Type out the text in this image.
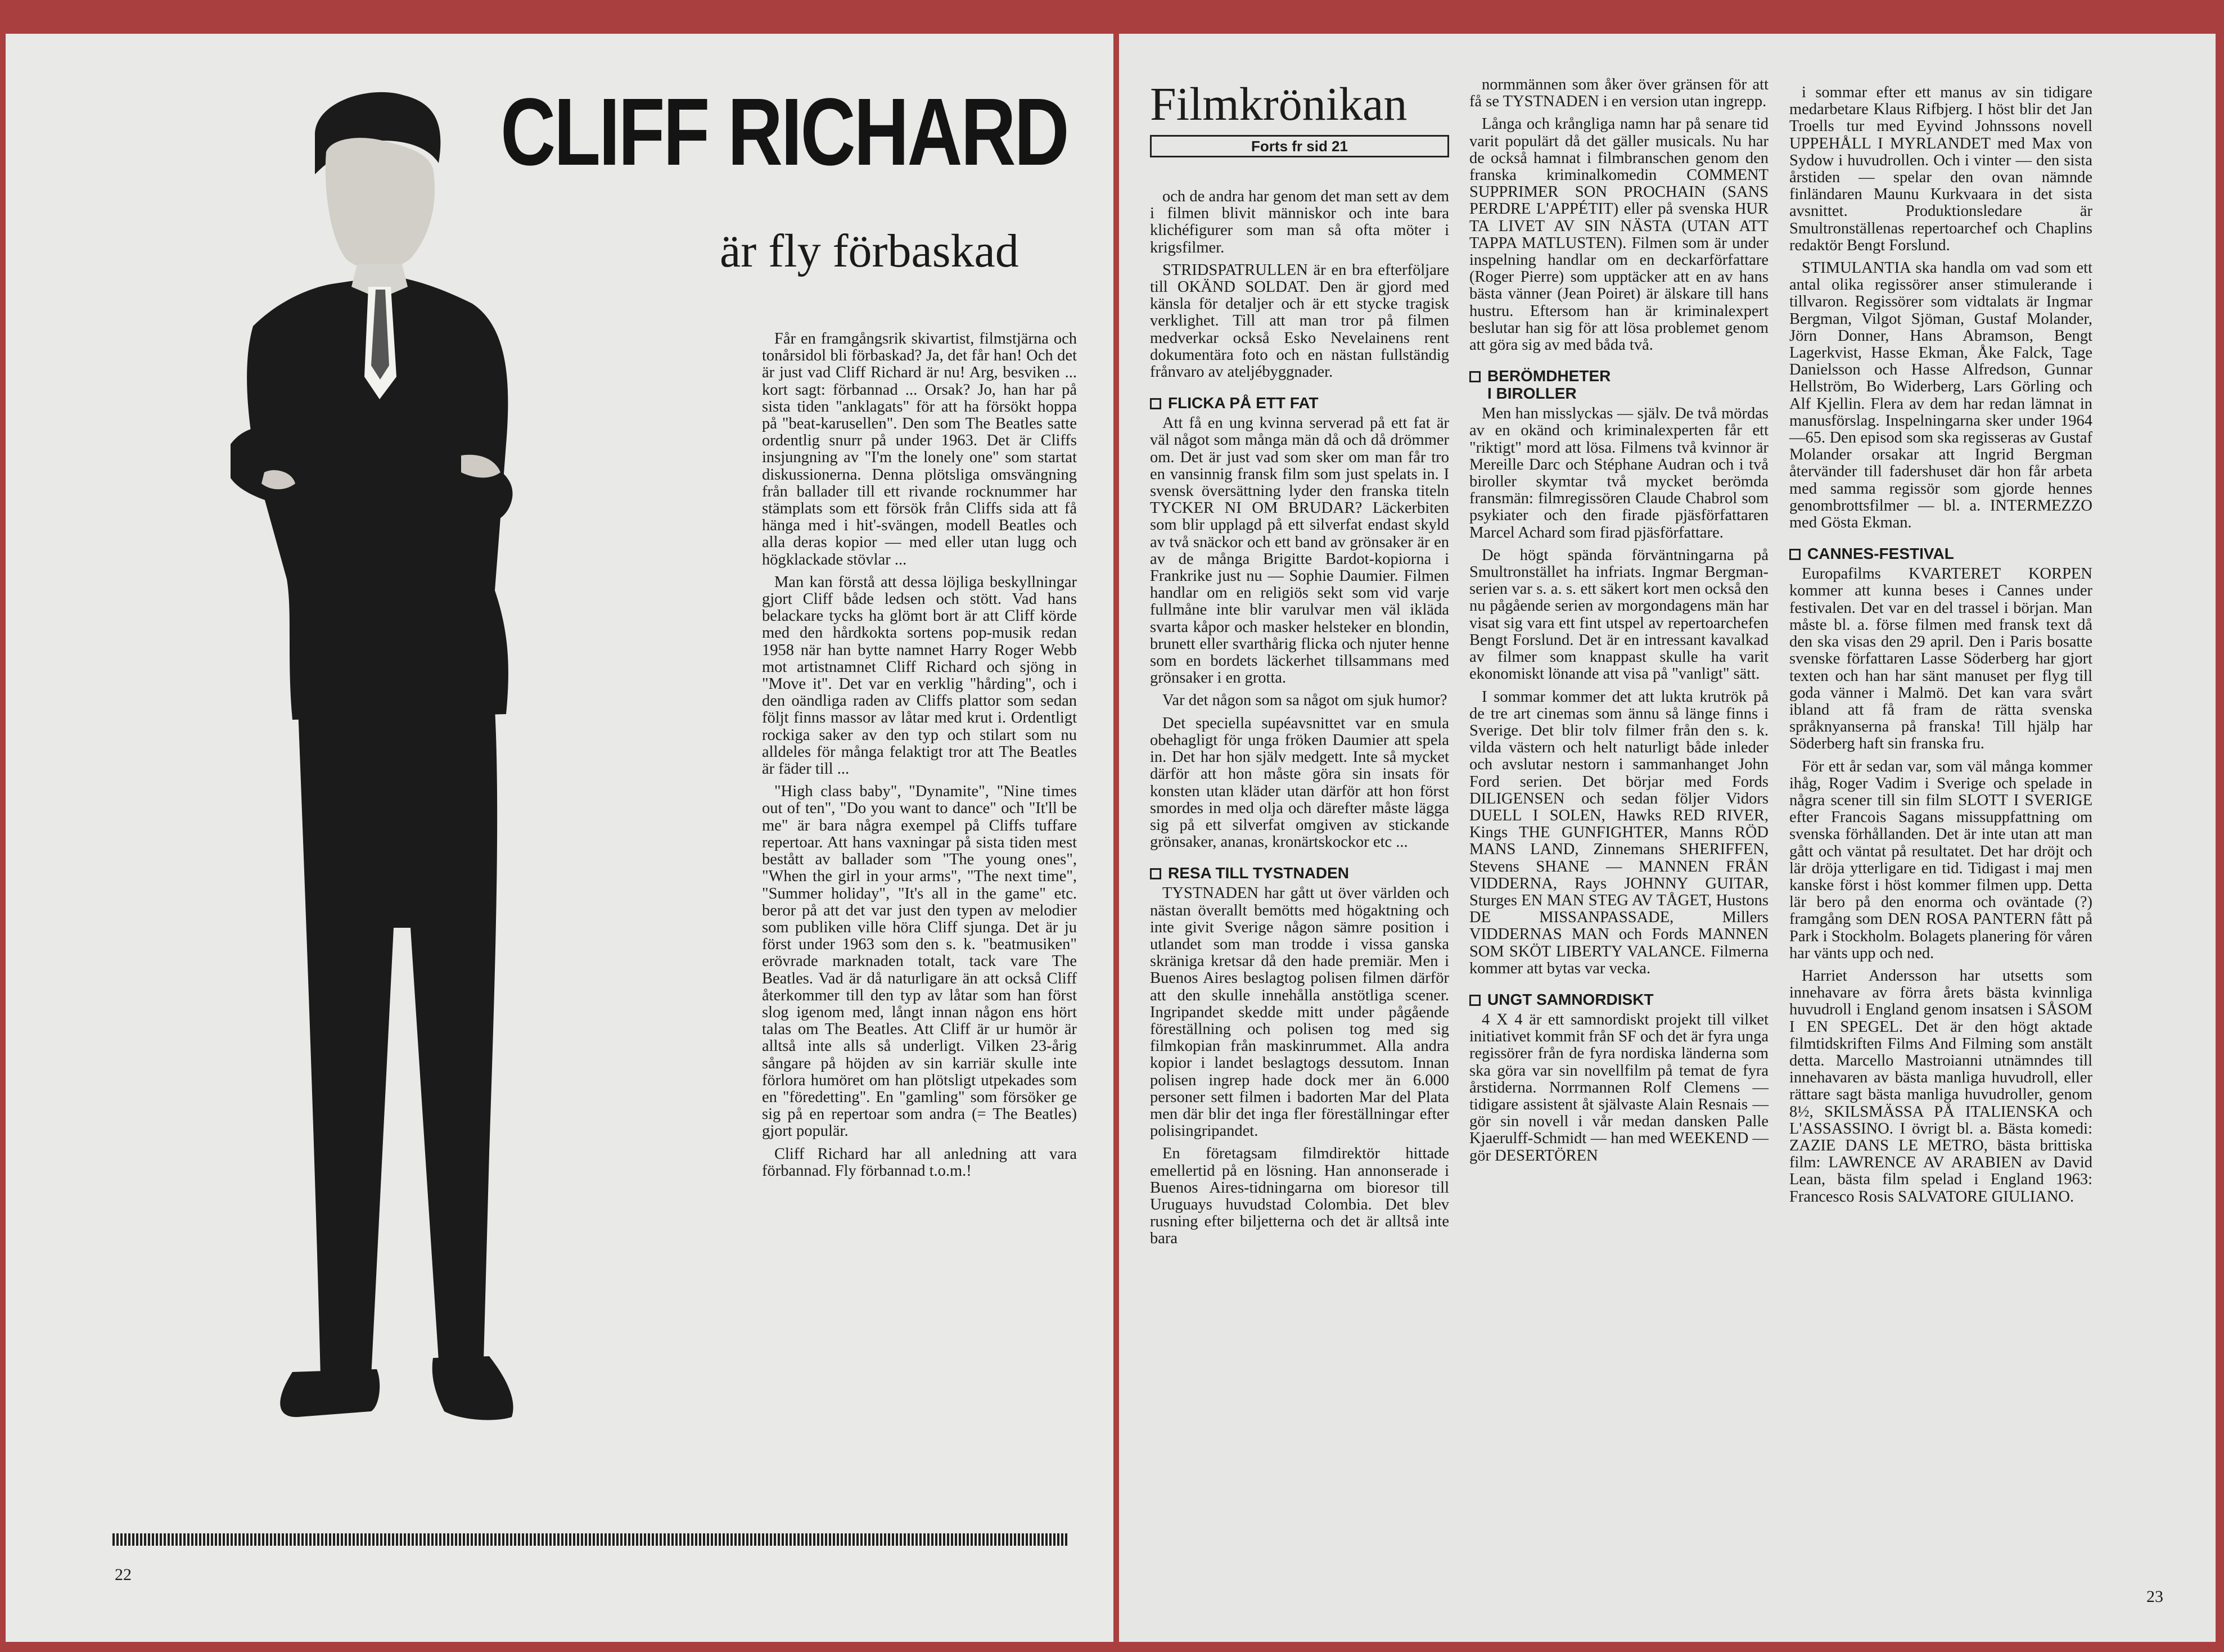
CLIFF RICHARD
är fly förbaskad

Får en framgångsrik skivartist, filmstjärna och tonårsidol bli förbaskad? Ja, det får han! Och det är just vad Cliff Richard är nu! Arg, besviken ... kort sagt: förbannad ... Orsak? Jo, han har på sista tiden "anklagats" för att ha försökt hoppa på "beat-karusellen". Den som The Beatles satte ordentlig snurr på under 1963. Det är Cliffs insjungning av "I'm the lonely one" som startat diskussionerna. Denna plötsliga omsvängning från ballader till ett rivande rocknummer har stämplats som ett försök från Cliffs sida att få hänga med i hit'-svängen, modell Beatles och alla deras kopior — med eller utan lugg och högklackade stövlar ...

Man kan förstå att dessa löjliga beskyllningar gjort Cliff både ledsen och stött. Vad hans belackare tycks ha glömt bort är att Cliff körde med den hårdkokta sortens pop-musik redan 1958 när han bytte namnet Harry Roger Webb mot artistnamnet Cliff Richard och sjöng in "Move it". Det var en verklig "hårding", och i den oändliga raden av Cliffs plattor som sedan följt finns massor av låtar med krut i. Ordentligt rockiga saker av den typ och stilart som nu alldeles för många felaktigt tror att The Beatles är fäder till ...

"High class baby", "Dynamite", "Nine times out of ten", "Do you want to dance" och "It'll be me" är bara några exempel på Cliffs tuffare repertoar. Att hans vaxningar på sista tiden mest bestått av ballader som "The young ones", "When the girl in your arms", "The next time", "Summer holiday", "It's all in the game" etc. beror på att det var just den typen av melodier som publiken ville höra Cliff sjunga. Det är ju först under 1963 som den s. k. "beatmusiken" erövrade marknaden totalt, tack vare The Beatles. Vad är då naturligare än att också Cliff återkommer till den typ av låtar som han först slog igenom med, långt innan någon ens hört talas om The Beatles. Att Cliff är ur humör är alltså inte alls så underligt. Vilken 23-årig sångare på höjden av sin karriär skulle inte förlora humöret om han plötsligt utpekades som en "föredetting". En "gamling" som försöker ge sig på en repertoar som andra (= The Beatles) gjort populär.

Cliff Richard har all anledning att vara förbannad. Fly förbannad t.o.m.!

22
Filmkrönikan
Forts fr sid 21

och de andra har genom det man sett av dem i filmen blivit människor och inte bara klichéfigurer som man så ofta möter i krigsfilmer.

STRIDSPATRULLEN är en bra efterföljare till OKÄND SOLDAT. Den är gjord med känsla för detaljer och är ett stycke tragisk verklighet. Till att man tror på filmen medverkar också Esko Nevelainens rent dokumentära foto och en nästan fullständig frånvaro av ateljébyggnader.

FLICKA PÅ ETT FAT

Att få en ung kvinna serverad på ett fat är väl något som många män då och då drömmer om. Det är just vad som sker om man får tro en vansinnig fransk film som just spelats in. I svensk översättning lyder den franska titeln TYCKER NI OM BRUDAR? Läckerbiten som blir upplagd på ett silverfat endast skyld av två snäckor och ett band av grönsaker är en av de många Brigitte Bardot-kopiorna i Frankrike just nu — Sophie Daumier. Filmen handlar om en religiös sekt som vid varje fullmåne inte blir varulvar men väl ikläda svarta kåpor och masker helsteker en blondin, brunett eller svarthårig flicka och njuter henne som en bordets läckerhet tillsammans med grönsaker i en grotta.

Var det någon som sa något om sjuk humor?

Det speciella supéavsnittet var en smula obehagligt för unga fröken Daumier att spela in. Det har hon själv medgett. Inte så mycket därför att hon måste göra sin insats för konsten utan kläder utan därför att hon först smordes in med olja och därefter måste lägga sig på ett silverfat omgiven av stickande grönsaker, ananas, kronärtskockor etc ...

RESA TILL TYSTNADEN

TYSTNADEN har gått ut över världen och nästan överallt bemötts med högaktning och inte givit Sverige någon sämre position i utlandet som man trodde i vissa ganska skräniga kretsar då den hade premiär. Men i Buenos Aires beslagtog polisen filmen därför att den skulle innehålla anstötliga scener. Ingripandet skedde mitt under pågående föreställning och polisen tog med sig filmkopian från maskinrummet. Alla andra kopior i landet beslagtogs dessutom. Innan polisen ingrep hade dock mer än 6.000 personer sett filmen i badorten Mar del Plata men där blir det inga fler föreställningar efter polisingripandet.

En företagsam filmdirektör hittade emellertid på en lösning. Han annonserade i Buenos Aires-tidningarna om bioresor till Uruguays huvudstad Colombia. Det blev rusning efter biljetterna och det är alltså inte bara

normmännen som åker över gränsen för att få se TYSTNADEN i en version utan ingrepp.

Långa och krångliga namn har på senare tid varit populärt då det gäller musicals. Nu har de också hamnat i filmbranschen genom den franska kriminalkomedin COMMENT SUPPRIMER SON PROCHAIN (SANS PERDRE L'APPÉTIT) eller på svenska HUR TA LIVET AV SIN NÄSTA (UTAN ATT TAPPA MATLUSTEN). Filmen som är under inspelning handlar om en deckarförfattare (Roger Pierre) som upptäcker att en av hans bästa vänner (Jean Poiret) är älskare till hans hustru. Eftersom han är kriminalexpert beslutar han sig för att lösa problemet genom att göra sig av med båda två.

BERÖMDHETER
I BIROLLER

Men han misslyckas — själv. De två mördas av en okänd och kriminalexperten får ett "riktigt" mord att lösa. Filmens två kvinnor är Mereille Darc och Stéphane Audran och i två biroller skymtar två mycket berömda fransmän: filmregissören Claude Chabrol som psykiater och den firade pjäsförfattaren Marcel Achard som firad pjäsförfattare.

De högt spända förväntningarna på Smultronstället ha infriats. Ingmar Bergman-serien var s. a. s. ett säkert kort men också den nu pågående serien av morgondagens män har visat sig vara ett fint utspel av repertoarchefen Bengt Forslund. Det är en intressant kavalkad av filmer som knappast skulle ha varit ekonomiskt lönande att visa på "vanligt" sätt.

I sommar kommer det att lukta krutrök på de tre art cinemas som ännu så länge finns i Sverige. Det blir tolv filmer från den s. k. vilda västern och helt naturligt både inleder och avslutar nestorn i sammanhanget John Ford serien. Det börjar med Fords DILIGENSEN och sedan följer Vidors DUELL I SOLEN, Hawks RED RIVER, Kings THE GUNFIGHTER, Manns RÖD MANS LAND, Zinnemans SHERIFFEN, Stevens SHANE — MANNEN FRÅN VIDDERNA, Rays JOHNNY GUITAR, Sturges EN MAN STEG AV TÅGET, Hustons DE MISSANPASSADE, Millers VIDDERNAS MAN och Fords MANNEN SOM SKÖT LIBERTY VALANCE. Filmerna kommer att bytas var vecka.

UNGT SAMNORDISKT

4 X 4 är ett samnordiskt projekt till vilket initiativet kommit från SF och det är fyra unga regissörer från de fyra nordiska länderna som ska göra var sin novellfilm på temat de fyra årstiderna. Norrmannen Rolf Clemens — tidigare assistent åt självaste Alain Resnais — gör sin novell i vår medan dansken Palle Kjaerulff-Schmidt — han med WEEKEND — gör DESERTÖREN

i sommar efter ett manus av sin tidigare medarbetare Klaus Rifbjerg. I höst blir det Jan Troells tur med Eyvind Johnssons novell UPPEHÅLL I MYRLANDET med Max von Sydow i huvudrollen. Och i vinter — den sista årstiden — spelar den ovan nämnde finländaren Maunu Kurkvaara in det sista avsnittet. Produktionsledare är Smultronställenas repertoarchef och Chaplins redaktör Bengt Forslund.

STIMULANTIA ska handla om vad som ett antal olika regissörer anser stimulerande i tillvaron. Regissörer som vidtalats är Ingmar Bergman, Vilgot Sjöman, Gustaf Molander, Jörn Donner, Hans Abramson, Bengt Lagerkvist, Hasse Ekman, Åke Falck, Tage Danielsson och Hasse Alfredson, Gunnar Hellström, Bo Widerberg, Lars Görling och Alf Kjellin. Flera av dem har redan lämnat in manusförslag. Inspelningarna sker under 1964—65. Den episod som ska regisseras av Gustaf Molander orsakar att Ingrid Bergman återvänder till fadershuset där hon får arbeta med samma regissör som gjorde hennes genombrottsfilmer — bl. a. INTERMEZZO med Gösta Ekman.

CANNES-FESTIVAL

Europafilms KVARTERET KORPEN kommer att kunna beses i Cannes under festivalen. Det var en del trassel i början. Man måste bl. a. förse filmen med fransk text då den ska visas den 29 april. Den i Paris bosatte svenske författaren Lasse Söderberg har gjort texten och han har sänt manuset per flyg till goda vänner i Malmö. Det kan vara svårt ibland att få fram de rätta svenska språknyanserna på franska! Till hjälp har Söderberg haft sin franska fru.

För ett år sedan var, som väl många kommer ihåg, Roger Vadim i Sverige och spelade in några scener till sin film SLOTT I SVERIGE efter Francois Sagans missuppfattning om svenska förhållanden. Det är inte utan att man gått och väntat på resultatet. Det har dröjt och lär dröja ytterligare en tid. Tidigast i maj men kanske först i höst kommer filmen upp. Detta lär bero på den enorma och oväntade (?) framgång som DEN ROSA PANTERN fått på Park i Stockholm. Bolagets planering för våren har vänts upp och ned.

Harriet Andersson har utsetts som innehavare av förra årets bästa kvinnliga huvudroll i England genom insatsen i SÅSOM I EN SPEGEL. Det är den högt aktade filmtidskriften Films And Filming som anstält detta. Marcello Mastroianni utnämndes till innehavaren av bästa manliga huvudroll, eller rättare sagt bästa manliga huvudroller, genom 8½, SKILSMÄSSA PÅ ITALIENSKA och L'ASSASSINO. I övrigt bl. a. Bästa komedi: ZAZIE DANS LE METRO, bästa brittiska film: LAWRENCE AV ARABIEN av David Lean, bästa film spelad i England 1963: Francesco Rosis SALVATORE GIULIANO.

23
